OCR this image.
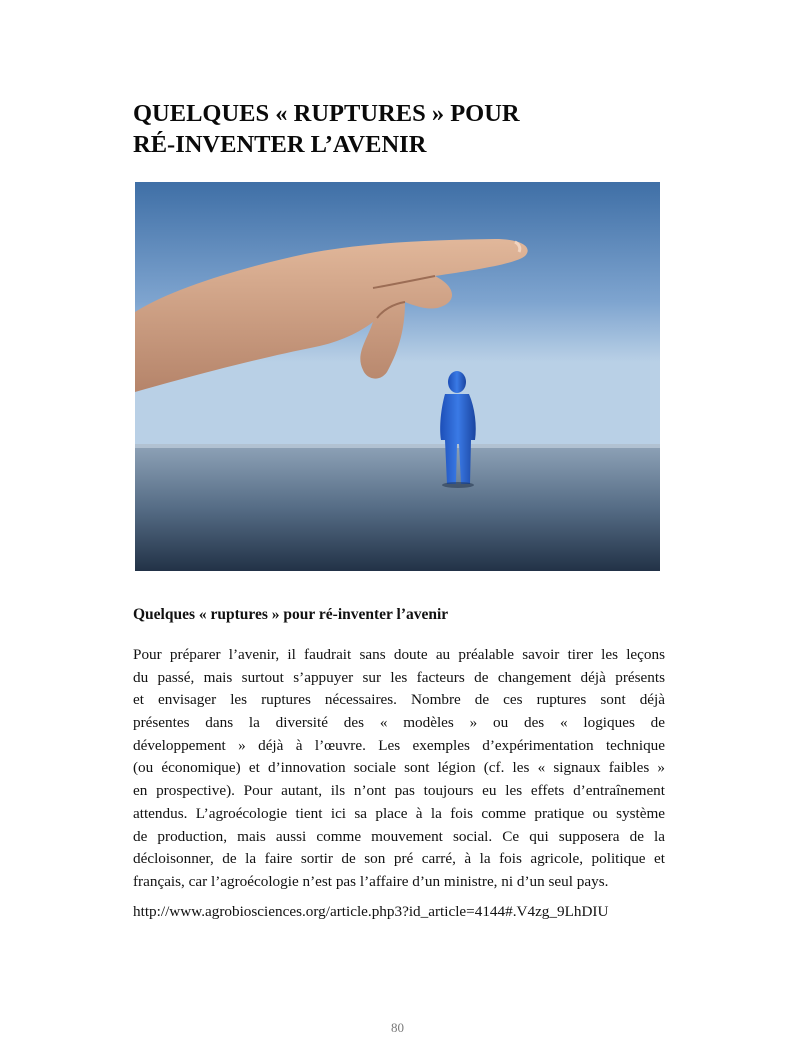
QUELQUES « RUPTURES » POUR
RÉ-INVENTER L’AVENIR
Quelques « ruptures » pour ré-inventer l’avenir
Pour préparer l’avenir, il faudrait sans doute au préalable savoir tirer les leçons
du passé, mais surtout s’appuyer sur les facteurs de changement déjà présents
et envisager les ruptures nécessaires. Nombre de ces ruptures sont déjà
présentes dans la diversité des « modèles » ou des « logiques de
développement » déjà à l’œuvre. Les exemples d’expérimentation technique
(ou économique) et d’innovation sociale sont légion (cf. les « signaux faibles »
en prospective). Pour autant, ils n’ont pas toujours eu les effets d’entraînement
attendus. L’agroécologie tient ici sa place à la fois comme pratique ou système
de production, mais aussi comme mouvement social. Ce qui supposera de la
décloisonner, de la faire sortir de son pré carré, à la fois agricole, politique et
français, car l’agroécologie n’est pas l’affaire d’un ministre, ni d’un seul pays.
http://www.agrobiosciences.org/article.php3?id_article=4144#.V4zg_9LhDIU
80
